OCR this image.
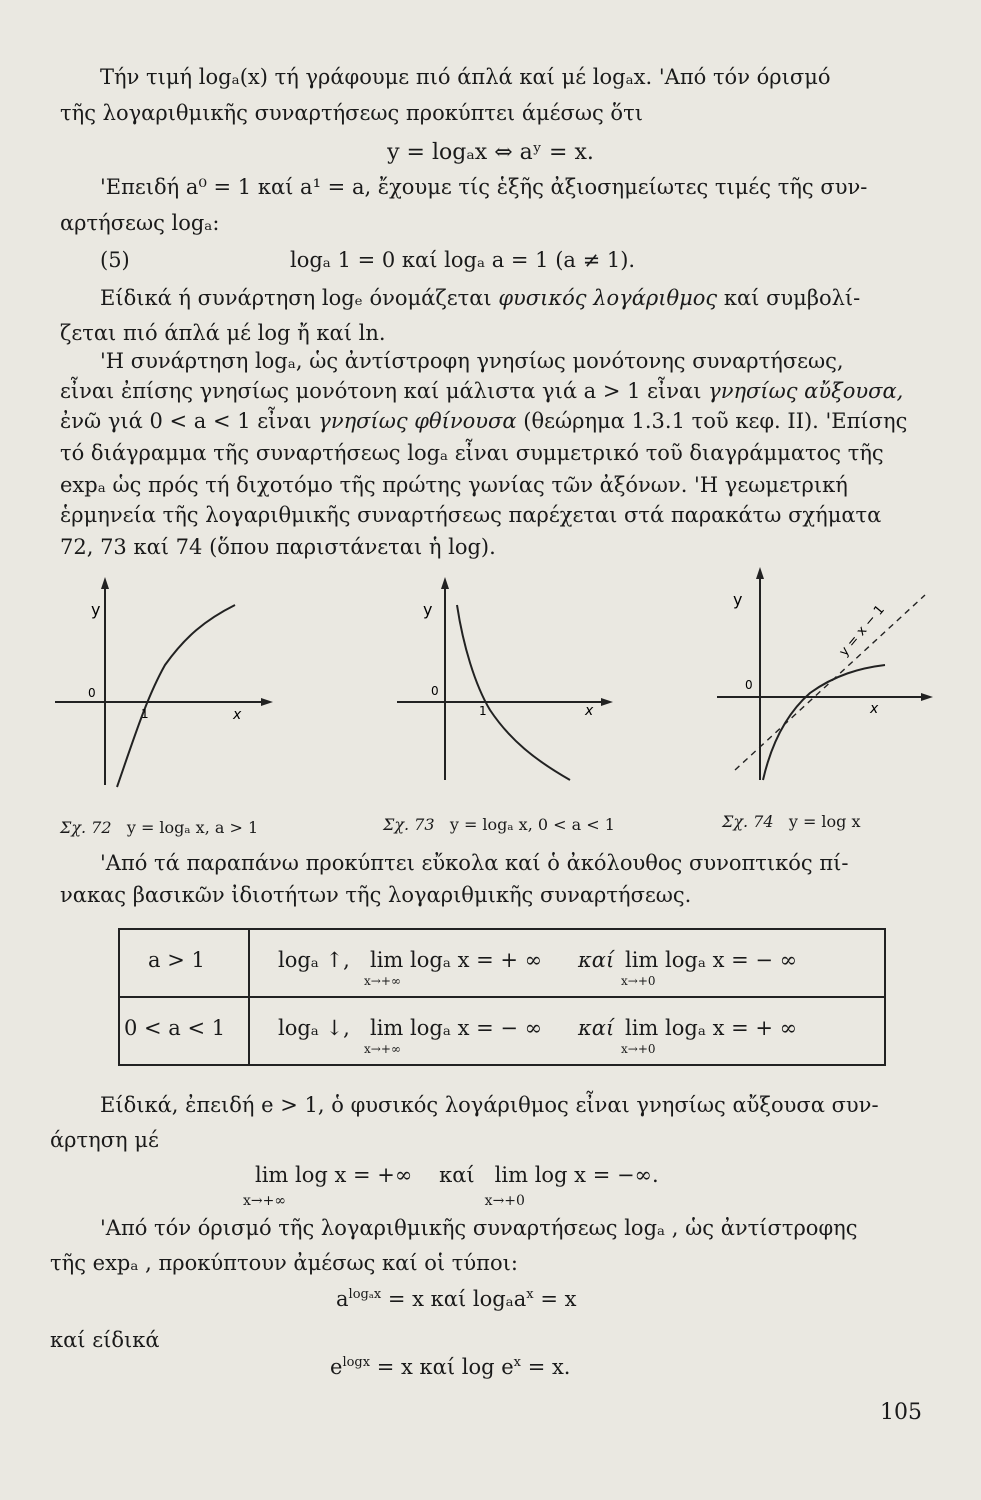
Τήν τιμή logₐ(x) τή γράφουμε πιό άπλά καί μέ logₐx. 'Από τόν όρισμό
τῆς λογαριθμικῆς συναρτήσεως προκύπτει άμέσως ὅτι
y = logₐx ⇔ aʸ = x.
'Επειδή a⁰ = 1 καί a¹ = a, ἔχουμε τίς ἑξῆς ἀξιοσημείωτες τιμές τῆς συν-
αρτήσεως logₐ:
(5)	logₐ 1 = 0 καί logₐ a = 1 (a ≠ 1).
Είδικά ή συνάρτηση logₑ όνομάζεται φυσικός λογάριθμος καί συμβολί-
ζεται πιό άπλά μέ log ἤ καί ln.
'Η συνάρτηση logₐ, ὡς ἀντίστροφη γνησίως μονότονης συναρτήσεως,
εἶναι ἐπίσης γνησίως μονότονη καί μάλιστα γιά a > 1 εἶναι γνησίως αὔξουσα,
ἐνῶ γιά 0 < a < 1 εἶναι γνησίως φθίνουσα (θεώρημα 1.3.1 τοῦ κεφ. ΙΙ). 'Επίσης
τό διάγραμμα τῆς συναρτήσεως logₐ εἶναι συμμετρικό τοῦ διαγράμματος τῆς
expₐ ὡς πρός τή διχοτόμο τῆς πρώτης γωνίας τῶν ἀξόνων. 'Η γεωμετρική
ἑρμηνεία τῆς λογαριθμικῆς συναρτήσεως παρέχεται στά παρακάτω σχήματα
72, 73 καί 74 (ὅπου παριστάνεται ἡ log).
y
0
1	x
y
0
1	x
y
0
x
y = x − 1
Σχ. 72 y = logₐ x, a > 1	Σχ. 73 y = logₐ x, 0 < a < 1	Σχ. 74 y = log x
'Από τά παραπάνω προκύπτει εὔκολα καί ὁ ἀκόλουθος συνοπτικός πί-
νακας βασικῶν ἰδιοτήτων τῆς λογαριθμικῆς συναρτήσεως.
a > 1	logₐ ↑, lim logₐ x = + ∞
x→+∞
καί lim logₐ x = − ∞
x→+0
0 < a < 1	logₐ ↓, lim logₐ x = − ∞
x→+∞
καί lim logₐ x = + ∞
x→+0
Είδικά, ἐπειδή e > 1, ὁ φυσικός λογάριθμος εἶναι γνησίως αὔξουσα συν-
άρτηση μέ
lim log x = +∞
x→+∞
καί lim log x = −∞.
x→+0
'Από τόν όρισμό τῆς λογαριθμικῆς συναρτήσεως logₐ , ὡς ἀντίστροφης
τῆς expₐ , προκύπτουν ἀμέσως καί οἱ τύποι:
$a^{log_ax} = x$ καί logₐa$^x$ = x
καί είδικά
$e^{logx} = x$ καί $\log e^x = x$.
105
